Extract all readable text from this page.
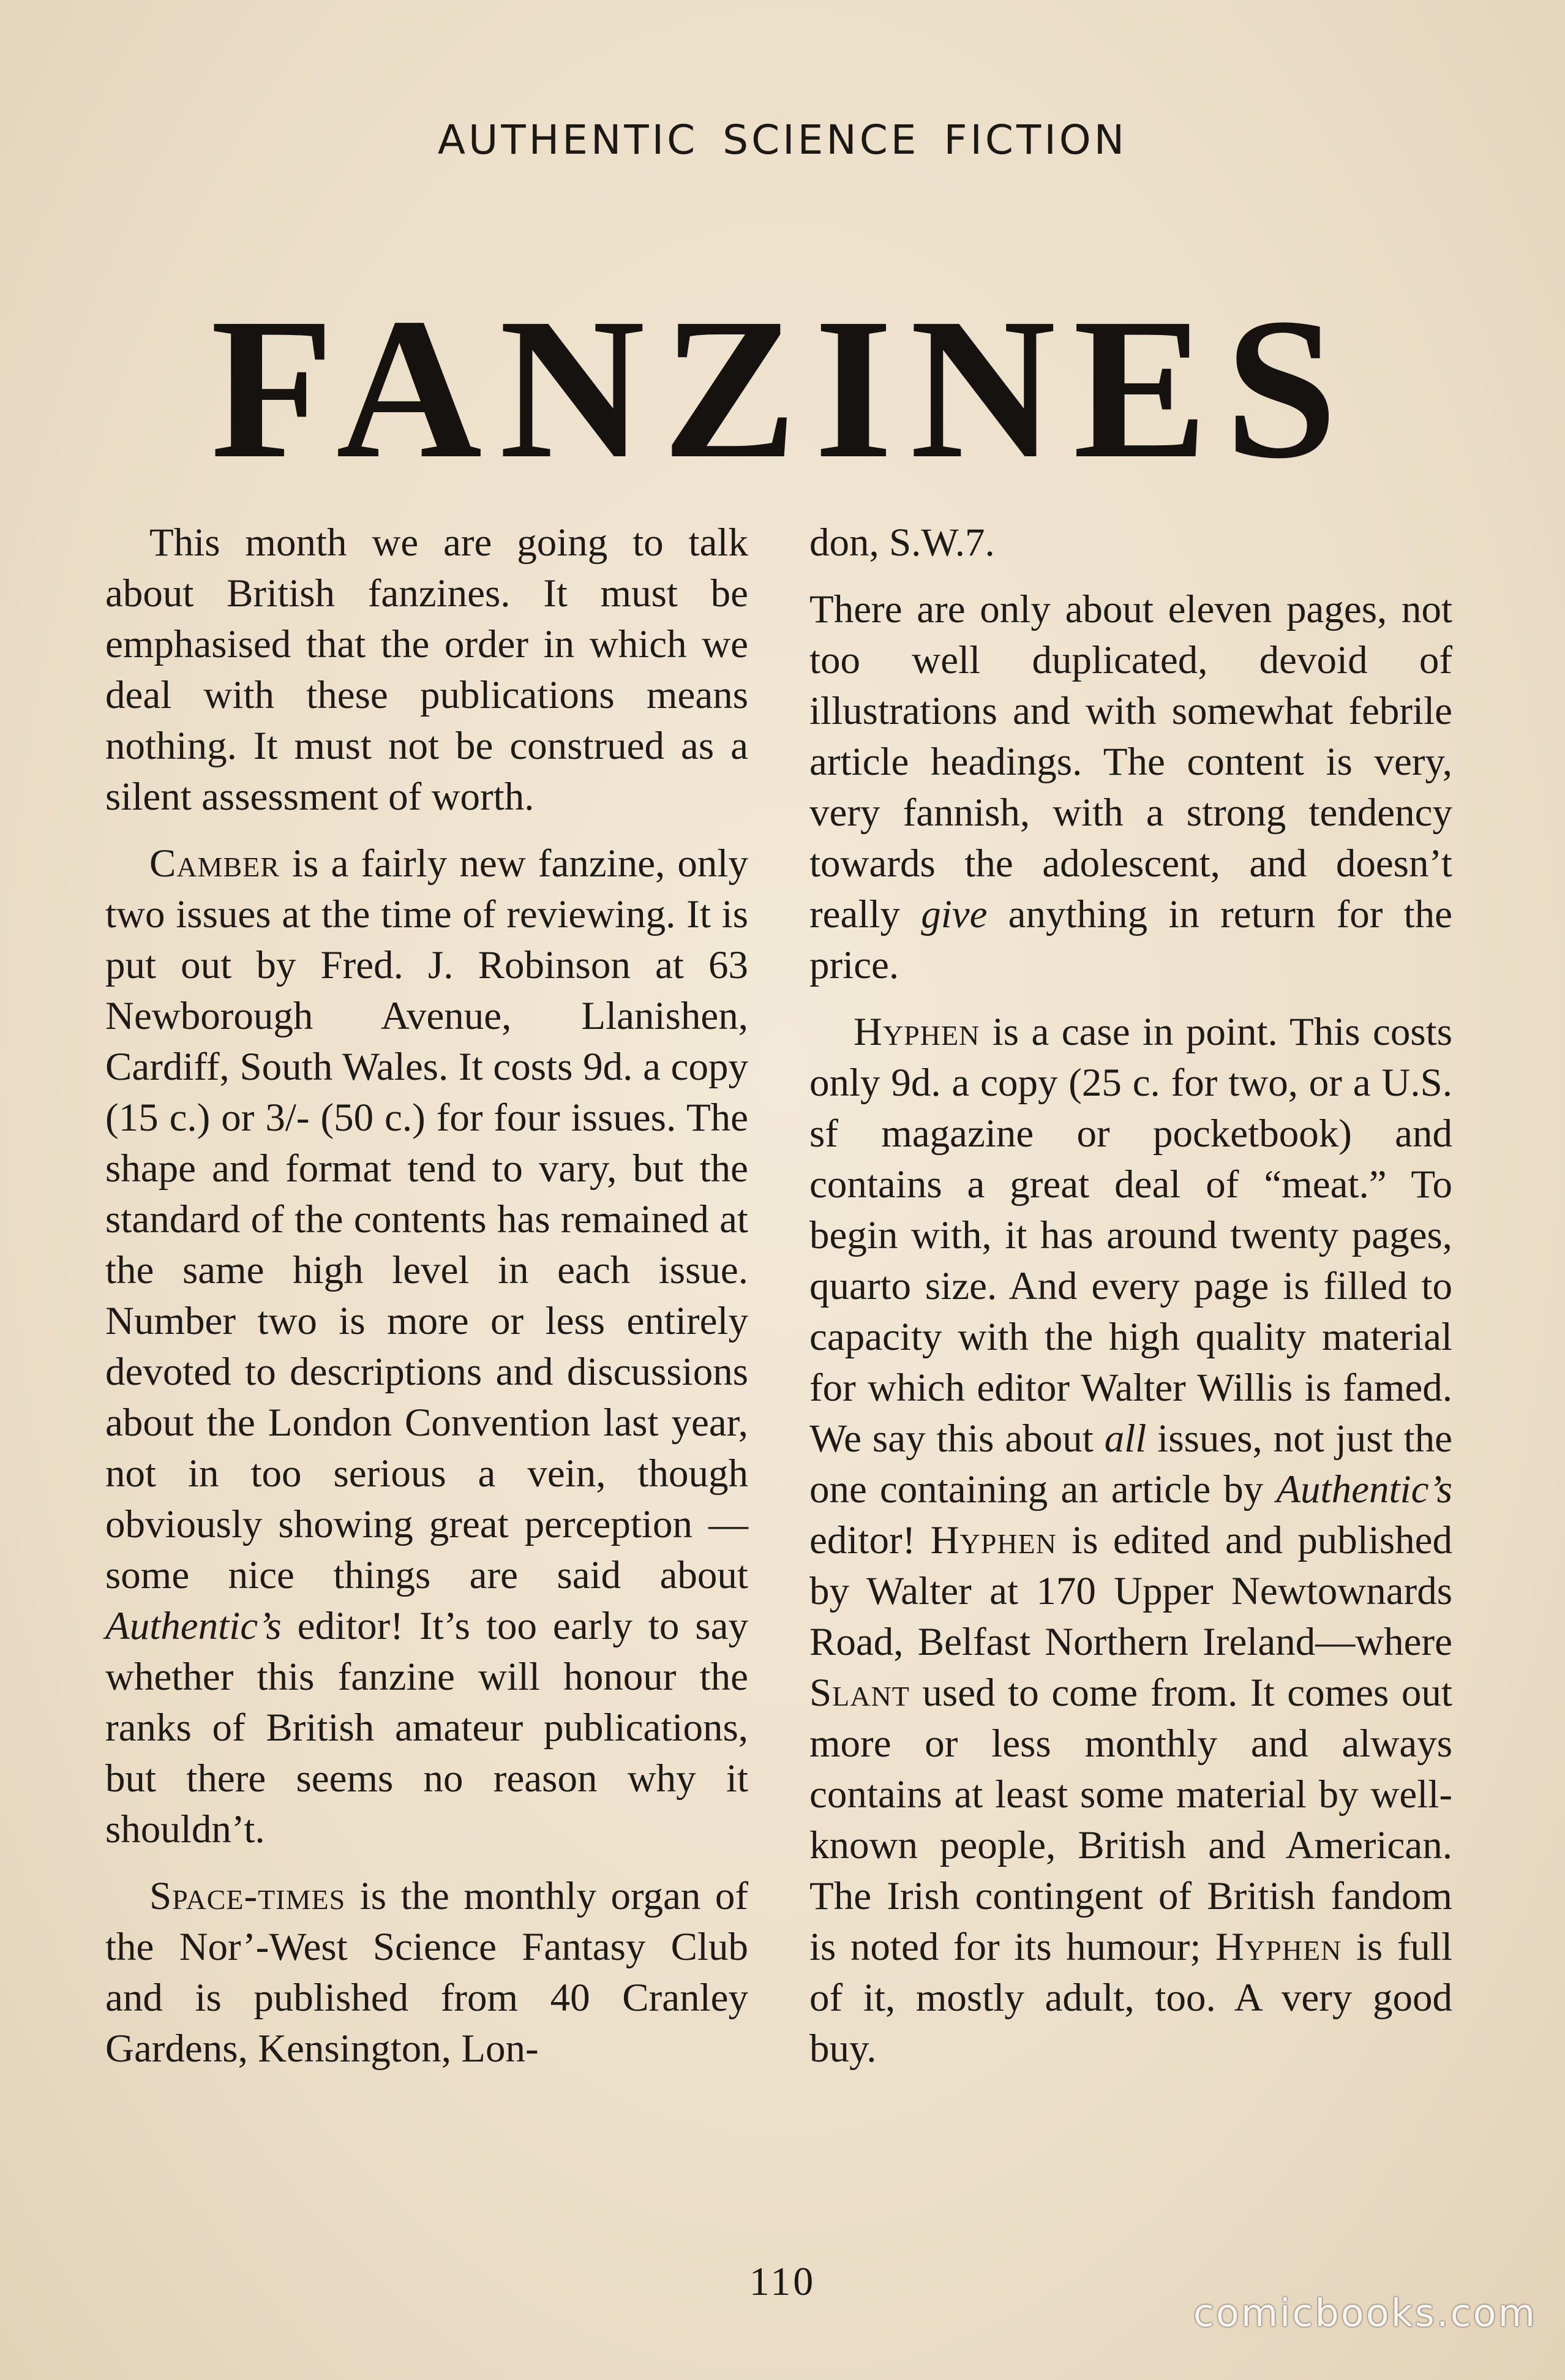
AUTHENTIC SCIENCE FICTION
FANZINES

This month we are going to talk about British fanzines. It must be emphasised that the order in which we deal with these publications means nothing. It must not be construed as a silent assessment of worth.

Camber is a fairly new fanzine, only two issues at the time of reviewing. It is put out by Fred. J. Robinson at 63 Newborough Avenue, Llanishen, Cardiff, South Wales. It costs 9d. a copy (15 c.) or 3/- (50 c.) for four issues. The shape and format tend to vary, but the standard of the contents has remained at the same high level in each issue. Number two is more or less entirely devoted to descriptions and discussions about the London Convention last year, not in too serious a vein, though obviously showing great perception —some nice things are said about Authentic’s editor! It’s too early to say whether this fanzine will honour the ranks of British amateur publications, but there seems no reason why it shouldn’t.

Space-times is the monthly organ of the Nor’-West Science Fantasy Club and is published from 40 Cranley Gardens, Kensington, Lon-

don, S.W.7.

There are only about eleven pages, not too well duplicated, devoid of illustrations and with somewhat febrile article headings. The content is very, very fannish, with a strong tendency towards the adolescent, and doesn’t really give anything in return for the price.

Hyphen is a case in point. This costs only 9d. a copy (25 c. for two, or a U.S. sf magazine or pocketbook) and contains a great deal of “meat.” To begin with, it has around twenty pages, quarto size. And every page is filled to capacity with the high quality material for which editor Walter Willis is famed. We say this about all issues, not just the one containing an article by Authentic’s editor! Hyphen is edited and published by Walter at 170 Upper Newtownards Road, Belfast Northern Ireland—where Slant used to come from. It comes out more or less monthly and always contains at least some material by well-known people, British and American. The Irish contingent of British fandom is noted for its humour; Hyphen is full of it, mostly adult, too. A very good buy.

110
comicbooks.com
